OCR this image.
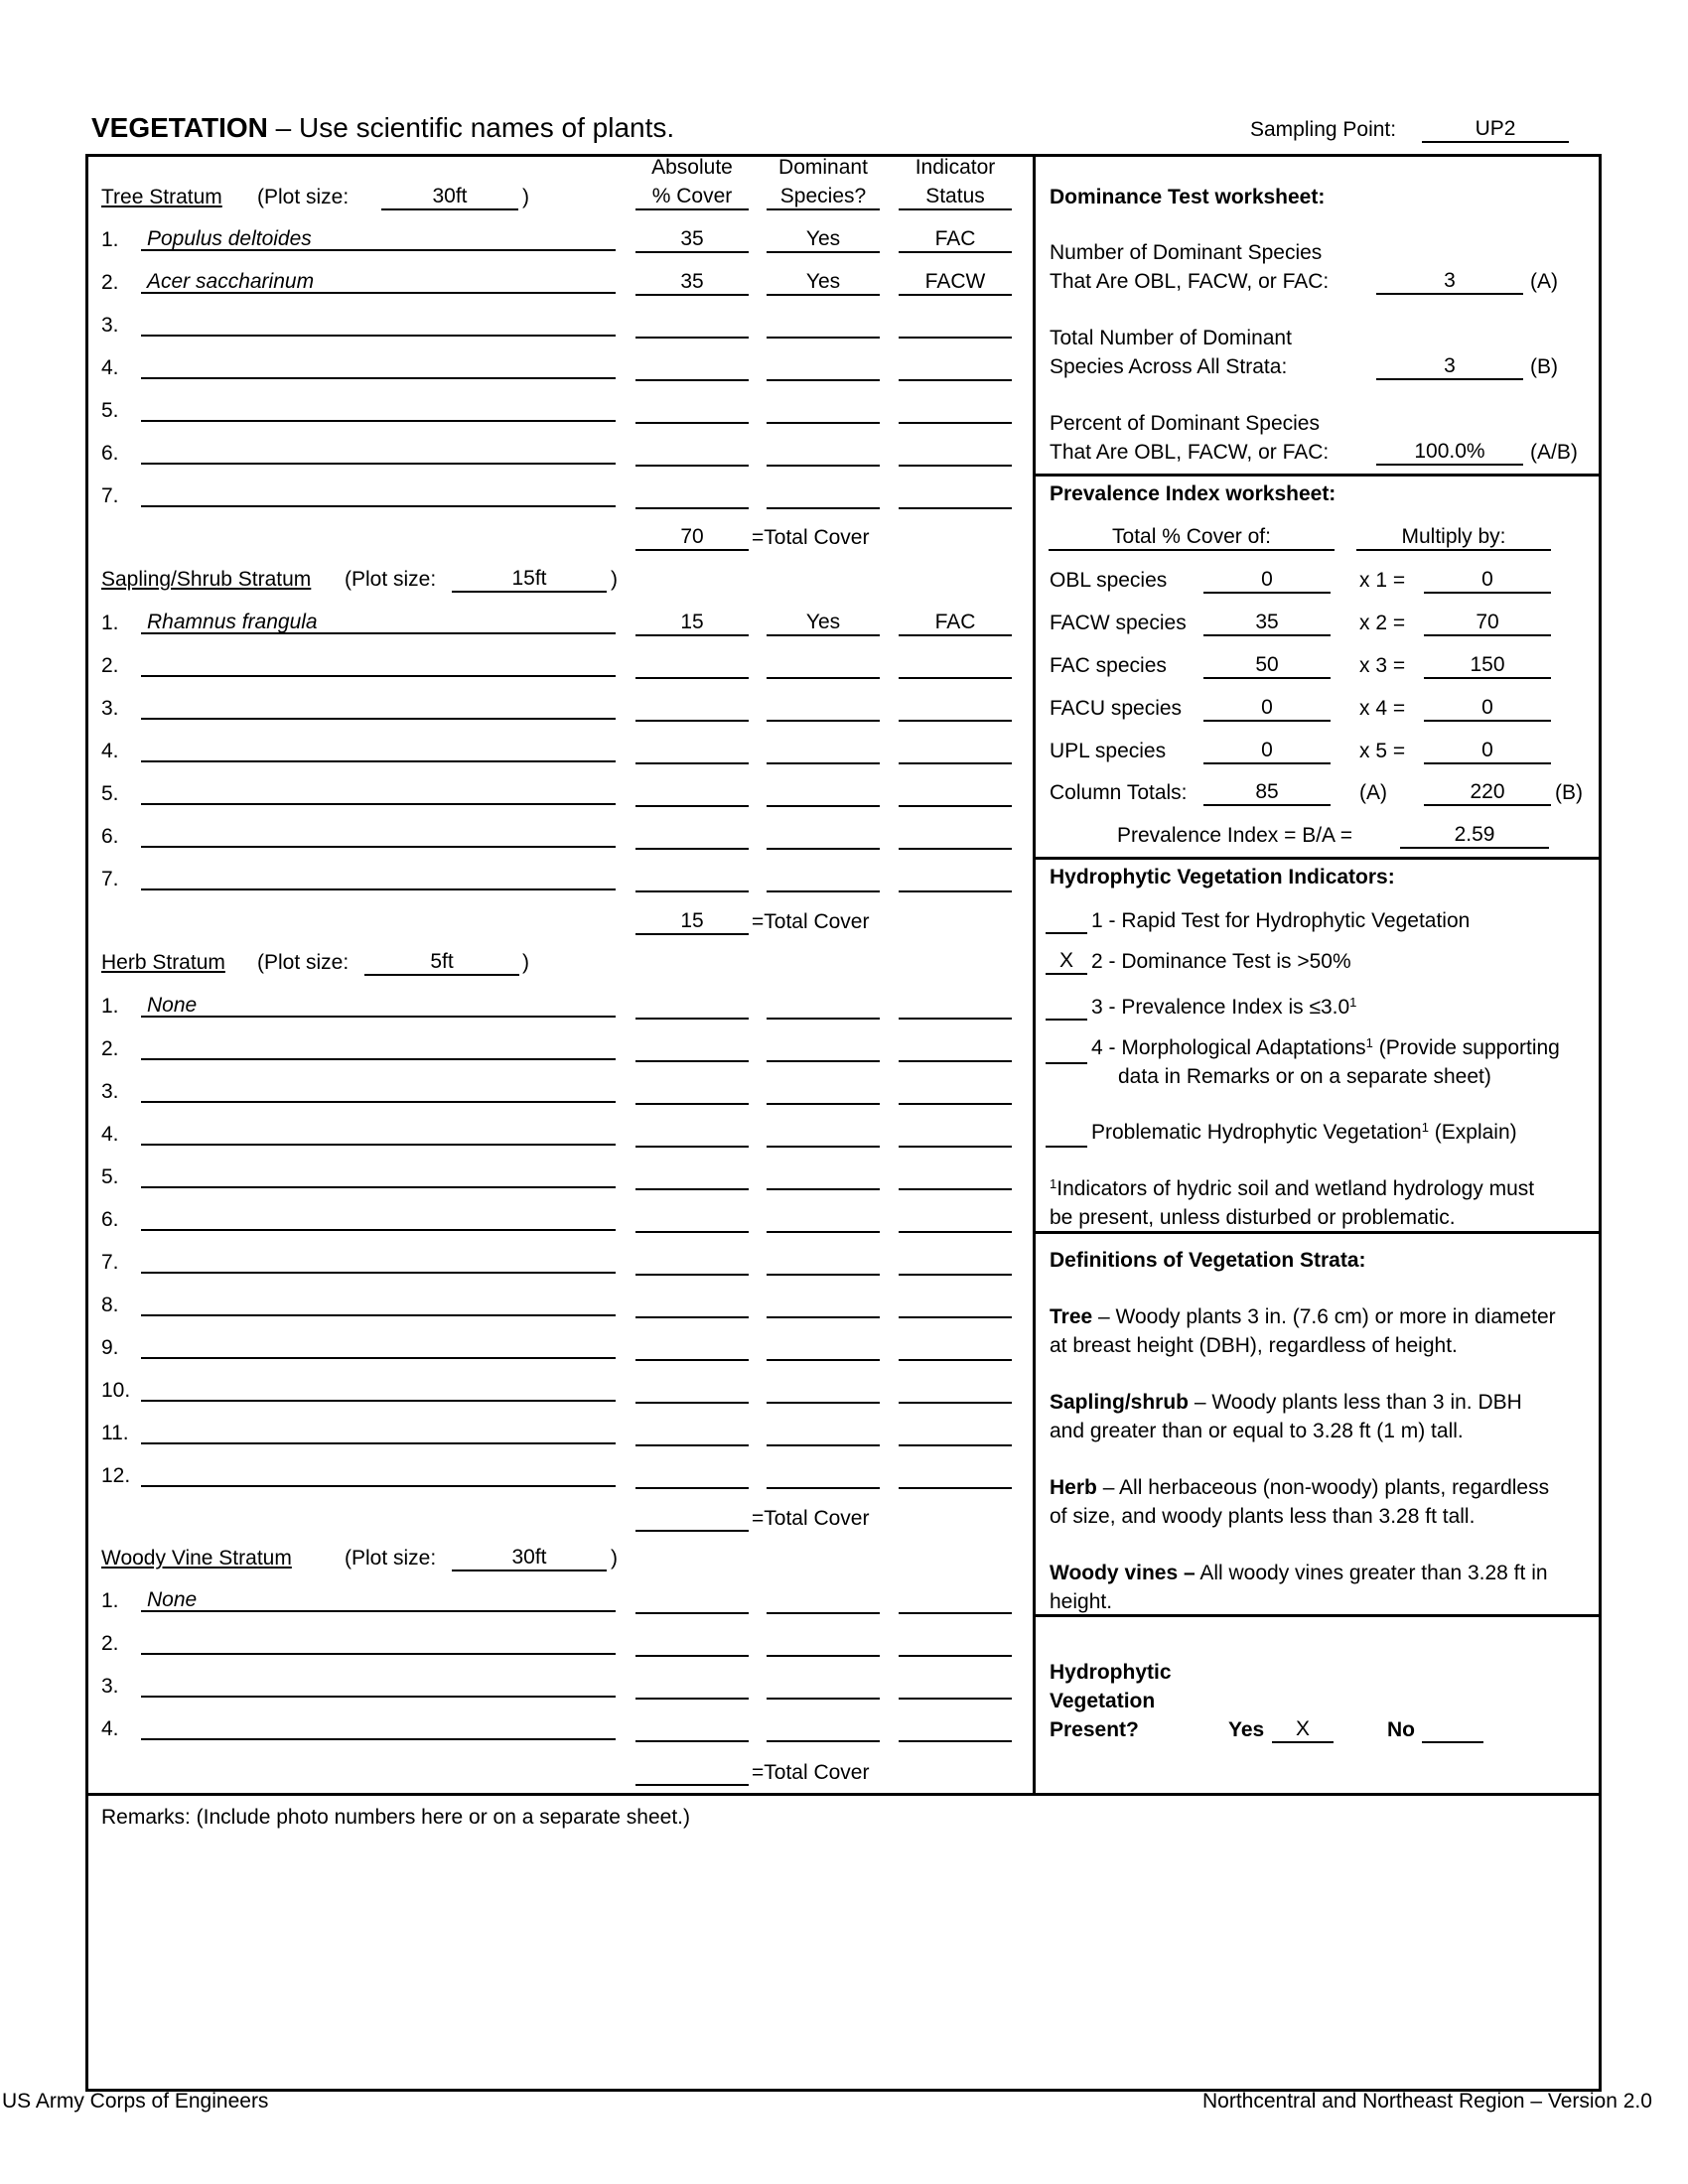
VEGETATION – Use scientific names of plants.	Sampling Point:	UP2
Absolute
% Cover
Dominant
Species?
Indicator
Status
Tree Stratum (Plot size:	30ft	)
Sapling/Shrub Stratum (Plot size:	15ft	)
Herb Stratum (Plot size:	5ft	)
Woody Vine Stratum	(Plot size:	30ft	)
1. Populus deltoides	35	Yes	FAC
2. Acer saccharinum	35	Yes	FACW
3.
4.
5.
6.
7.
70	=Total Cover
1. Rhamnus frangula	15	Yes	FAC
2.
3.
4.
5.
6.
7.
15	=Total Cover
1. None
2.
3.
4.
5.
6.
7.
8.
9.
10.
11.
12.
=Total Cover
1. None
2.
3.
4.
=Total Cover
Dominance Test worksheet:
Number of Dominant Species
That Are OBL, FACW, or FAC:	3	(A)
Total Number of Dominant
Species Across All Strata:	3	(B)
Percent of Dominant Species
That Are OBL, FACW, or FAC:	100.0%	(A/B)
Prevalence Index worksheet:
Total % Cover of:	Multiply by:
OBL species	0	x 1 =	0
FACW species	35	x 2 =	70
FAC species	50	x 3 =	150
FACU species	0	x 4 =	0
UPL species	0	x 5 =	0
Column Totals:	85	(A)	220	(B)
Prevalence Index = B/A =	2.59
Hydrophytic Vegetation Indicators:
1 - Rapid Test for Hydrophytic Vegetation
X 2 - Dominance Test is >50%
3 - Prevalence Index is $\le 3.0^1$
4 - Morphological Adaptations$^1$ (Provide supporting
data in Remarks or on a separate sheet)
Problematic Hydrophytic Vegetation$^1$ (Explain)
$^1$Indicators of hydric soil and wetland hydrology must
be present, unless disturbed or problematic.
Definitions of Vegetation Strata:
Tree – Woody plants 3 in. (7.6 cm) or more in diameter
at breast height (DBH), regardless of height.
Sapling/shrub – Woody plants less than 3 in. DBH
and greater than or equal to 3.28 ft (1 m) tall.
Herb – All herbaceous (non-woody) plants, regardless
of size, and woody plants less than 3.28 ft tall.
Woody vines – All woody vines greater than 3.28 ft in
height.
Hydrophytic
Vegetation
Present?	Yes	X	No
Remarks: (Include photo numbers here or on a separate sheet.)
US Army Corps of Engineers	Northcentral and Northeast Region – Version 2.0
